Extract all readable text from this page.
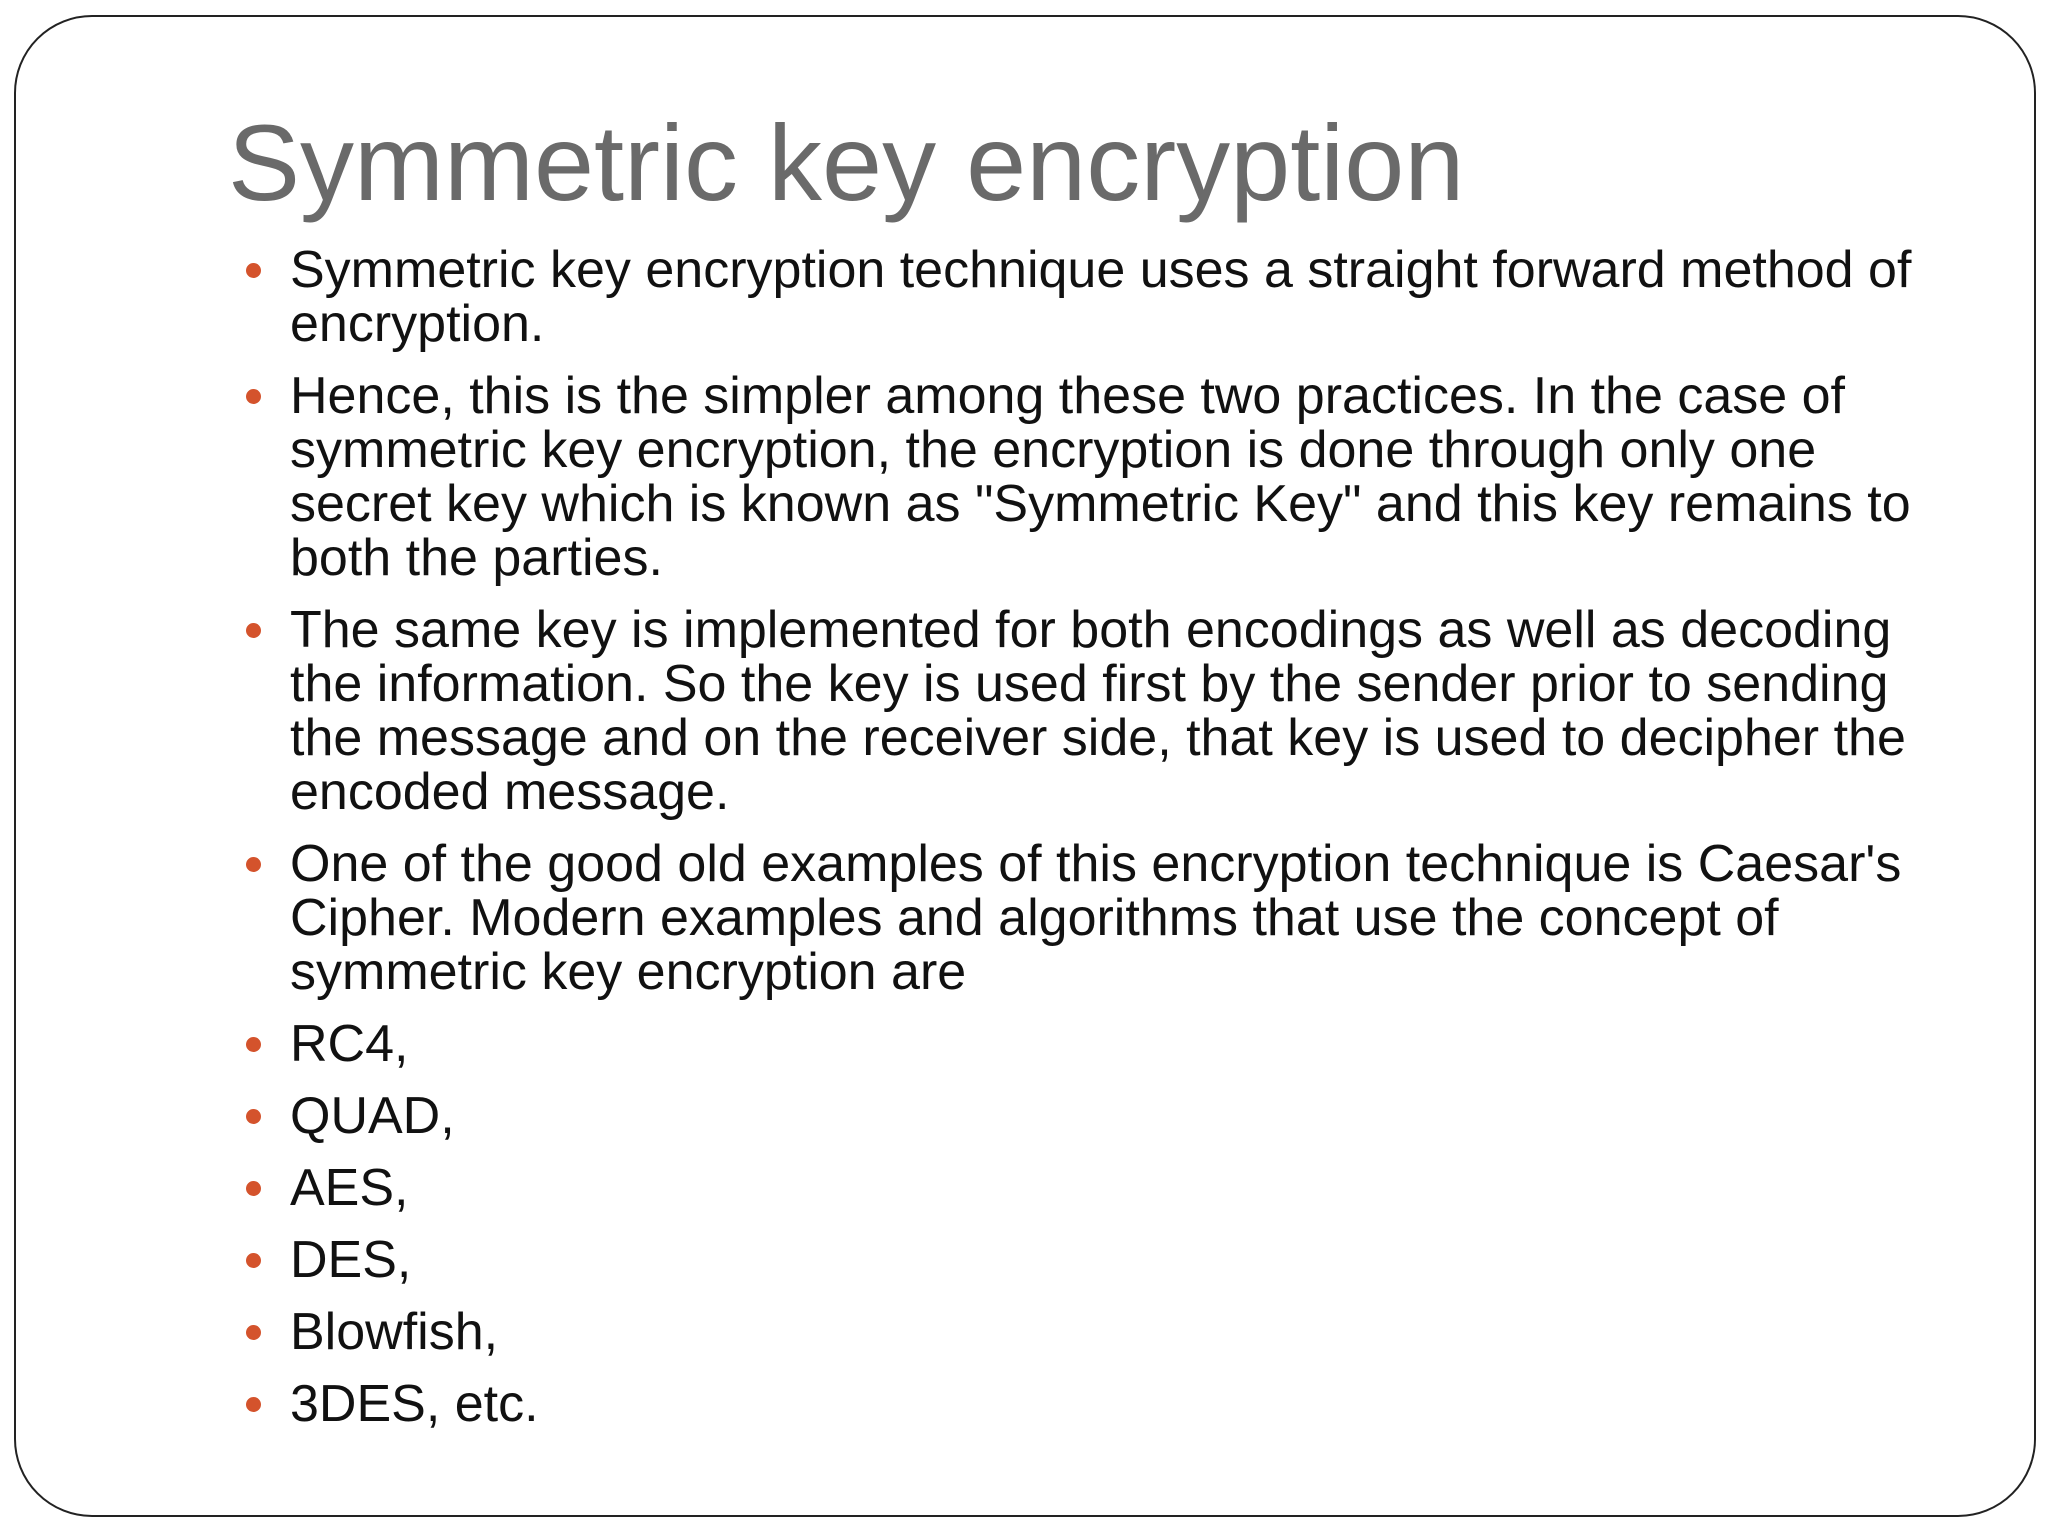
Symmetric key encryption
Symmetric key encryption technique uses a straight forward method of encryption.
Hence, this is the simpler among these two practices. In the case of symmetric key encryption, the encryption is done through only one secret key which is known as "Symmetric Key" and this key remains to both the parties.
The same key is implemented for both encodings as well as decoding the information. So the key is used first by the sender prior to sending the message and on the receiver side, that key is used to decipher the encoded message.
One of the good old examples of this encryption technique is Caesar's Cipher. Modern examples and algorithms that use the concept of symmetric key encryption are
RC4,
QUAD,
AES,
DES,
Blowfish,
3DES, etc.
